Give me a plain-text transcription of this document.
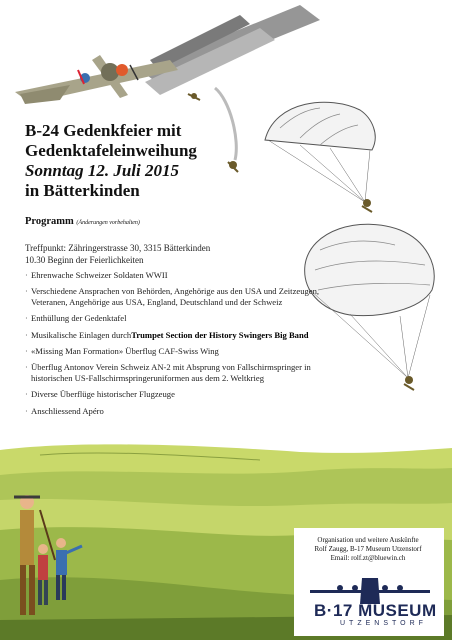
B-24 Gedenkfeier mit
Gedenktafeleinweihung
Sonntag 12. Juli 2015
in Bätterkinden
Programm (Änderungen vorbehalten)
Treffpunkt: Zähringerstrasse 30, 3315 Bätterkinden
10.30 Beginn der Feierlichkeiten
· Ehrenwache Schweizer Soldaten WWII
· Verschiedene Ansprachen von Behörden, Angehörige aus den USA und Zeitzeugen, Veteranen, Angehörige aus USA, England, Deutschland und der Schweiz
· Enthüllung der Gedenktafel
· Musikalische Einlagen durchTrumpet Section der History Swingers Big Band
· «Missing Man Formation» Überflug CAF-Swiss Wing
· Überflug Antonov Verein Schweiz AN-2 mit Absprung von Fallschirmspringer in historischen US-Fallschirmspringeruniformen aus dem 2. Weltkrieg
· Diverse Überflüge historischer Flugzeuge
· Anschliessend Apéro
Organisation und weitere Auskünfte
Rolf Zaugg, B-17 Museum Utzenstorf
Email: rolf.zt@bluewin.ch
B·17 MUSEUM
UTZENSTORF
